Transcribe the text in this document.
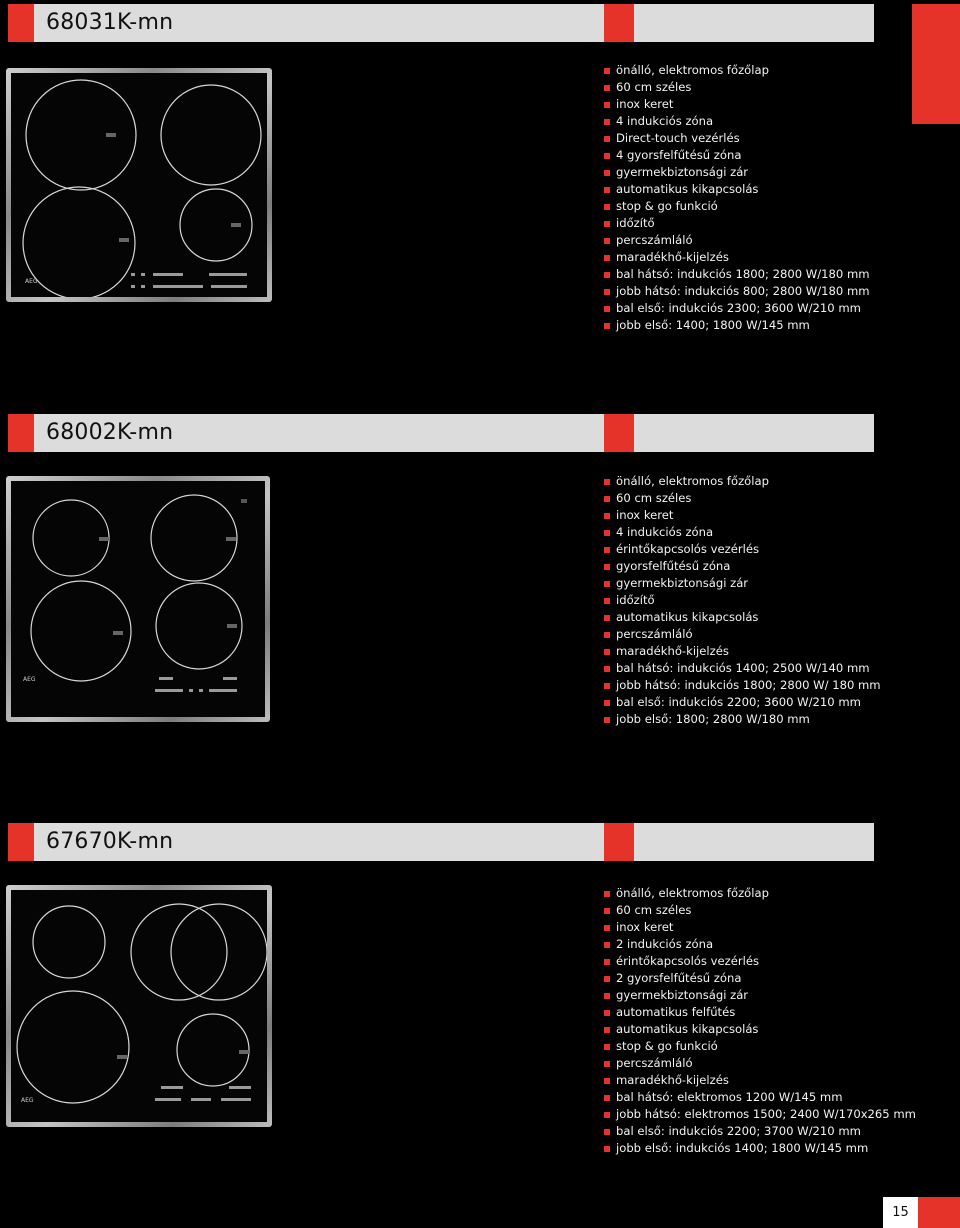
68031K-mn
AEG
önálló, elektromos főzőlap
60 cm széles
inox keret
4 indukciós zóna
Direct-touch vezérlés
4 gyorsfelfűtésű zóna
gyermekbiztonsági zár
automatikus kikapcsolás
stop & go funkció
időzítő
percszámláló
maradékhő-kijelzés
bal hátsó: indukciós 1800; 2800 W/180 mm
jobb hátsó: indukciós 800; 2800 W/180 mm
bal első: indukciós 2300; 3600 W/210 mm
jobb első: 1400; 1800 W/145 mm
68002K-mn
AEG
önálló, elektromos főzőlap
60 cm széles
inox keret
4 indukciós zóna
érintőkapcsolós vezérlés
gyorsfelfűtésű zóna
gyermekbiztonsági zár
időzítő
automatikus kikapcsolás
percszámláló
maradékhő-kijelzés
bal hátsó: indukciós 1400; 2500 W/140 mm
jobb hátsó: indukciós 1800; 2800 W/ 180 mm
bal első: indukciós 2200; 3600 W/210 mm
jobb első: 1800; 2800 W/180 mm
67670K-mn
AEG
önálló, elektromos főzőlap
60 cm széles
inox keret
2 indukciós zóna
érintőkapcsolós vezérlés
2 gyorsfelfűtésű zóna
gyermekbiztonsági zár
automatikus felfűtés
automatikus kikapcsolás
stop & go funkció
percszámláló
maradékhő-kijelzés
bal hátsó: elektromos 1200 W/145 mm
jobb hátsó: elektromos 1500; 2400 W/170x265 mm
bal első: indukciós 2200; 3700 W/210 mm
jobb első: indukciós 1400; 1800 W/145 mm
15
